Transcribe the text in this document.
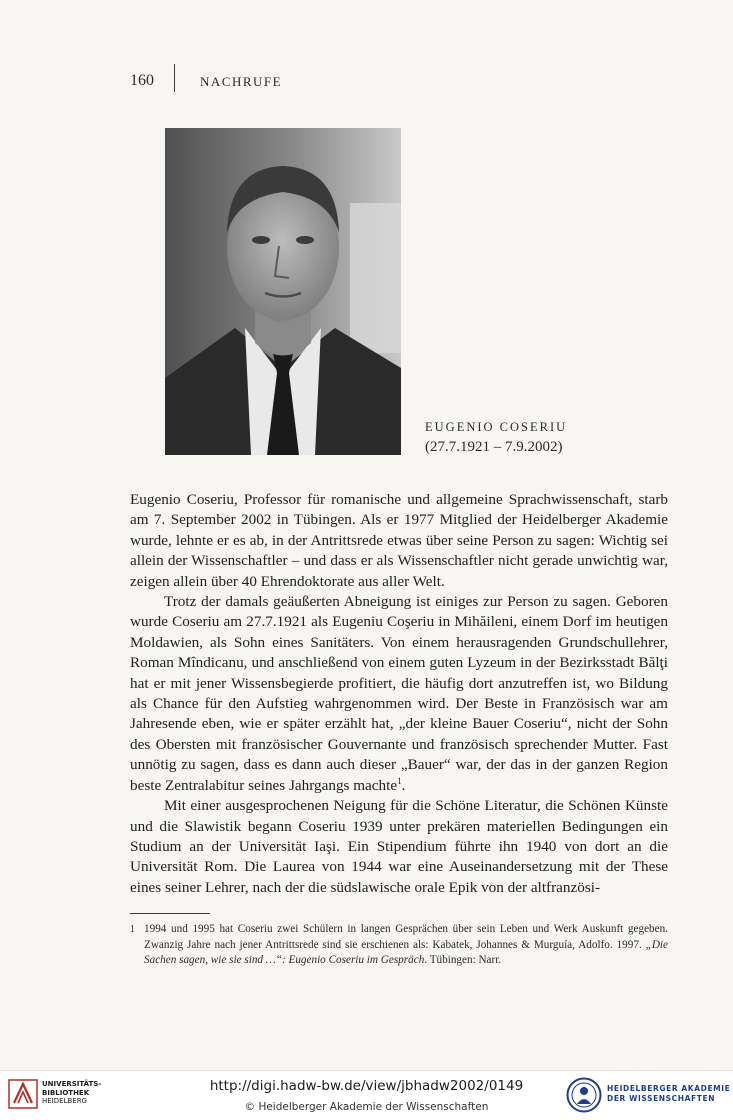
160	NACHRUFE
EUGENIO COSERIU
(27.7.1921 – 7.9.2002)

Eugenio Coseriu, Professor für romanische und allgemeine Sprachwissenschaft, starb am 7. September 2002 in Tübingen. Als er 1977 Mitglied der Heidelberger Akademie wurde, lehnte er es ab, in der Antrittsrede etwas über seine Person zu sagen: Wichtig sei allein der Wissenschaftler – und dass er als Wissenschaftler nicht gerade unwichtig war, zeigen allein über 40 Ehrendoktorate aus aller Welt.

Trotz der damals geäußerten Abneigung ist einiges zur Person zu sagen. Geboren wurde Coseriu am 27.7.1921 als Eugeniu Coşeriu in Mihăileni, einem Dorf im heutigen Moldawien, als Sohn eines Sanitäters. Von einem herausragenden Grundschullehrer, Roman Mîndicanu, und anschließend von einem guten Lyzeum in der Bezirksstadt Bălţi hat er mit jener Wissensbegierde profitiert, die häufig dort anzutreffen ist, wo Bildung als Chance für den Aufstieg wahrgenommen wird. Der Beste in Französisch war am Jahresende eben, wie er später erzählt hat, „der kleine Bauer Coseriu“, nicht der Sohn des Obersten mit französischer Gouvernante und französisch sprechender Mutter. Fast unnötig zu sagen, dass es dann auch dieser „Bauer“ war, der das in der ganzen Region beste Zentralabitur seines Jahrgangs machte$^1$.

Mit einer ausgesprochenen Neigung für die Schöne Literatur, die Schönen Künste und die Slawistik begann Coseriu 1939 unter prekären materiellen Bedingungen ein Studium an der Universität Iaşi. Ein Stipendium führte ihn 1940 von dort an die Universität Rom. Die Laurea von 1944 war eine Auseinandersetzung mit der These eines seiner Lehrer, nach der die südslawische orale Epik von der altfranzösi-

1 1994 und 1995 hat Coseriu zwei Schülern in langen Gesprächen über sein Leben und Werk Auskunft gegeben. Zwanzig Jahre nach jener Antrittsrede sind sie erschienen als: Kabatek, Johannes & Murguía, Adolfo. 1997. „Die Sachen sagen, wie sie sind …“: Eugenio Coseriu im Gespräch. Tübingen: Narr.
UNIVERSITÄTS-
BIBLIOTHEK
HEIDELBERG
http://digi.hadw-bw.de/view/jbhadw2002/0149
© Heidelberger Akademie der Wissenschaften
HEIDELBERGER AKADEMIE
DER WISSENSCHAFTEN
